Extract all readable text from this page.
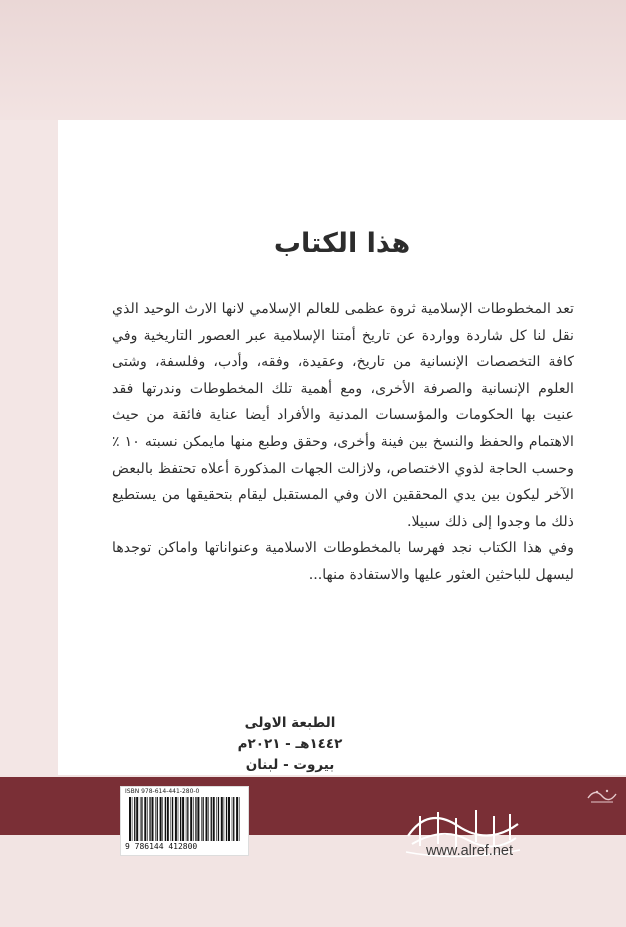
هذا الكتاب

تعد المخطوطات الإسلامية ثروة عظمى للعالم الإسلامي لانها الارث الوحيد الذي نقل لنا كل شاردة وواردة عن تاريخ أمتنا الإسلامية عبر العصور التاريخية وفي كافة التخصصات الإنسانية من تاريخ، وعقيدة، وفقه، وأدب، وفلسفة، وشتى العلوم الإنسانية والصرفة الأخرى، ومع أهمية تلك المخطوطات وندرتها فقد عنيت بها الحكومات والمؤسسات المدنية والأفراد أيضا عناية فائقة من حيث الاهتمام والحفظ والنسخ بين فينة وأخرى، وحقق وطبع منها مايمكن نسبته ١٠ ٪ وحسب الحاجة لذوي الاختصاص، ولازالت الجهات المذكورة أعلاه تحتفظ بالبعض الآخر ليكون بين يدي المحققين الان وفي المستقبل ليقام بتحقيقها من يستطيع ذلك ما وجدوا إلى ذلك سبيلا.

وفي هذا الكتاب نجد فهرسا بالمخطوطات الاسلامية وعنواناتها واماكن توجدها ليسهل للباحثين العثور عليها والاستفادة منها...

الطبعة الاولى
١٤٤٢هـ - ٢٠٢١م
بيروت - لبنان
ISBN 978-614-441-280-0
9 786144 412800	www.alref.net
